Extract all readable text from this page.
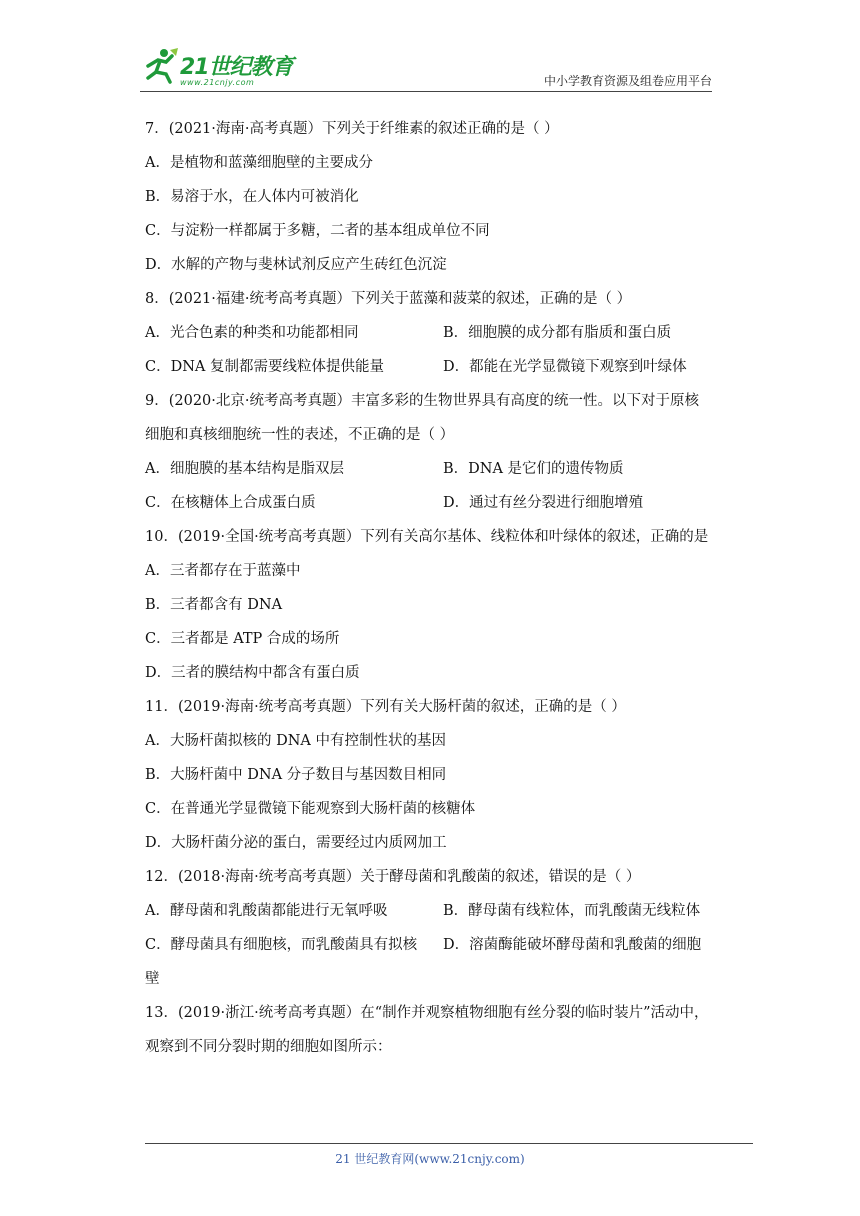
21世纪教育
www.21cnjy.com	中小学教育资源及组卷应用平台
7．(2021·海南·高考真题）下列关于纤维素的叙述正确的是（ ）
A．是植物和蓝藻细胞壁的主要成分
B．易溶于水，在人体内可被消化
C．与淀粉一样都属于多糖，二者的基本组成单位不同
D．水解的产物与斐林试剂反应产生砖红色沉淀
8．(2021·福建·统考高考真题）下列关于蓝藻和菠菜的叙述，正确的是（ ）
A．光合色素的种类和功能都相同	B．细胞膜的成分都有脂质和蛋白质
C．DNA 复制都需要线粒体提供能量	D．都能在光学显微镜下观察到叶绿体
9．(2020·北京·统考高考真题）丰富多彩的生物世界具有高度的统一性。以下对于原核
细胞和真核细胞统一性的表述，不正确的是（ ）
A．细胞膜的基本结构是脂双层	B．DNA 是它们的遗传物质
C．在核糖体上合成蛋白质	D．通过有丝分裂进行细胞增殖
10．(2019·全国·统考高考真题）下列有关高尔基体、线粒体和叶绿体的叙述，正确的是
A．三者都存在于蓝藻中
B．三者都含有 DNA
C．三者都是 ATP 合成的场所
D．三者的膜结构中都含有蛋白质
11．(2019·海南·统考高考真题）下列有关大肠杆菌的叙述，正确的是（ ）
A．大肠杆菌拟核的 DNA 中有控制性状的基因
B．大肠杆菌中 DNA 分子数目与基因数目相同
C．在普通光学显微镜下能观察到大肠杆菌的核糖体
D．大肠杆菌分泌的蛋白，需要经过内质网加工
12．(2018·海南·统考高考真题）关于酵母菌和乳酸菌的叙述，错误的是（ ）
A．酵母菌和乳酸菌都能进行无氧呼吸	B．酵母菌有线粒体，而乳酸菌无线粒体
C．酵母菌具有细胞核，而乳酸菌具有拟核	D．溶菌酶能破坏酵母菌和乳酸菌的细胞
壁
13．(2019·浙江·统考高考真题）在“制作并观察植物细胞有丝分裂的临时装片”活动中，
观察到不同分裂时期的细胞如图所示：
21 世纪教育网(www.21cnjy.com)
